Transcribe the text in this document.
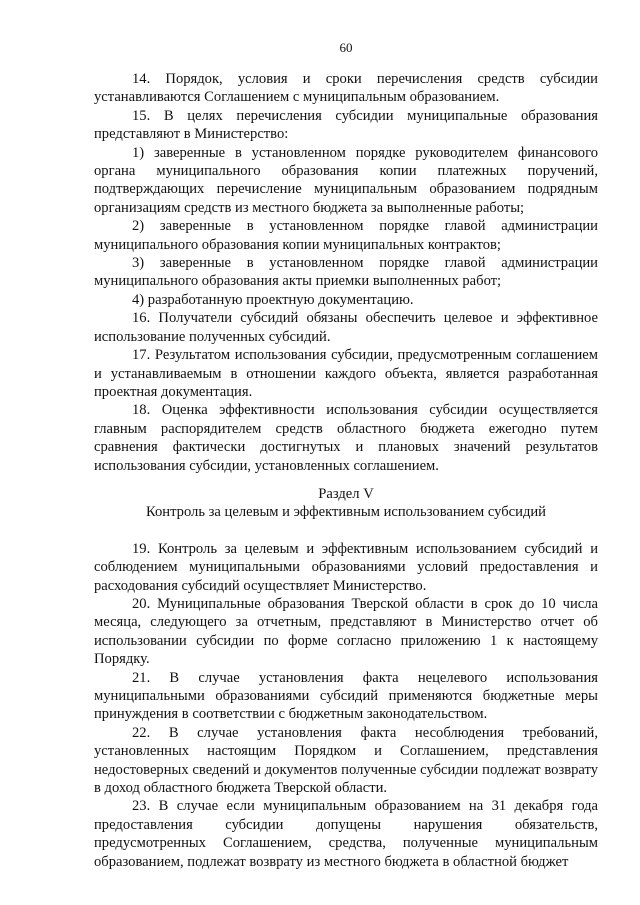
60

14. Порядок, условия и сроки перечисления средств субсидии устанавливаются Соглашением с муниципальным образованием.

15. В целях перечисления субсидии муниципальные образования представляют в Министерство:

1) заверенные в установленном порядке руководителем финансового органа муниципального образования копии платежных поручений, подтверждающих перечисление муниципальным образованием подрядным организациям средств из местного бюджета за выполненные работы;

2) заверенные в установленном порядке главой администрации муниципального образования копии муниципальных контрактов;

3) заверенные в установленном порядке главой администрации муниципального образования акты приемки выполненных работ;

4) разработанную проектную документацию.

16. Получатели субсидий обязаны обеспечить целевое и эффективное использование полученных субсидий.

17. Результатом использования субсидии, предусмотренным соглашением и устанавливаемым в отношении каждого объекта, является разработанная проектная документация.

18. Оценка эффективности использования субсидии осуществляется главным распорядителем средств областного бюджета ежегодно путем сравнения фактически достигнутых и плановых значений результатов использования субсидии, установленных соглашением.

Раздел V

Контроль за целевым и эффективным использованием субсидий

19. Контроль за целевым и эффективным использованием субсидий и соблюдением муниципальными образованиями условий предоставления и расходования субсидий осуществляет Министерство.

20. Муниципальные образования Тверской области в срок до 10 числа месяца, следующего за отчетным, представляют в Министерство отчет об использовании субсидии по форме согласно приложению 1 к настоящему Порядку.

21. В случае установления факта нецелевого использования муниципальными образованиями субсидий применяются бюджетные меры принуждения в соответствии с бюджетным законодательством.

22. В случае установления факта несоблюдения требований, установленных настоящим Порядком и Соглашением, представления недостоверных сведений и документов полученные субсидии подлежат возврату в доход областного бюджета Тверской области.

23. В случае если муниципальным образованием на 31 декабря года предоставления субсидии допущены нарушения обязательств, предусмотренных Соглашением, средства, полученные муниципальным образованием, подлежат возврату из местного бюджета в областной бюджет
